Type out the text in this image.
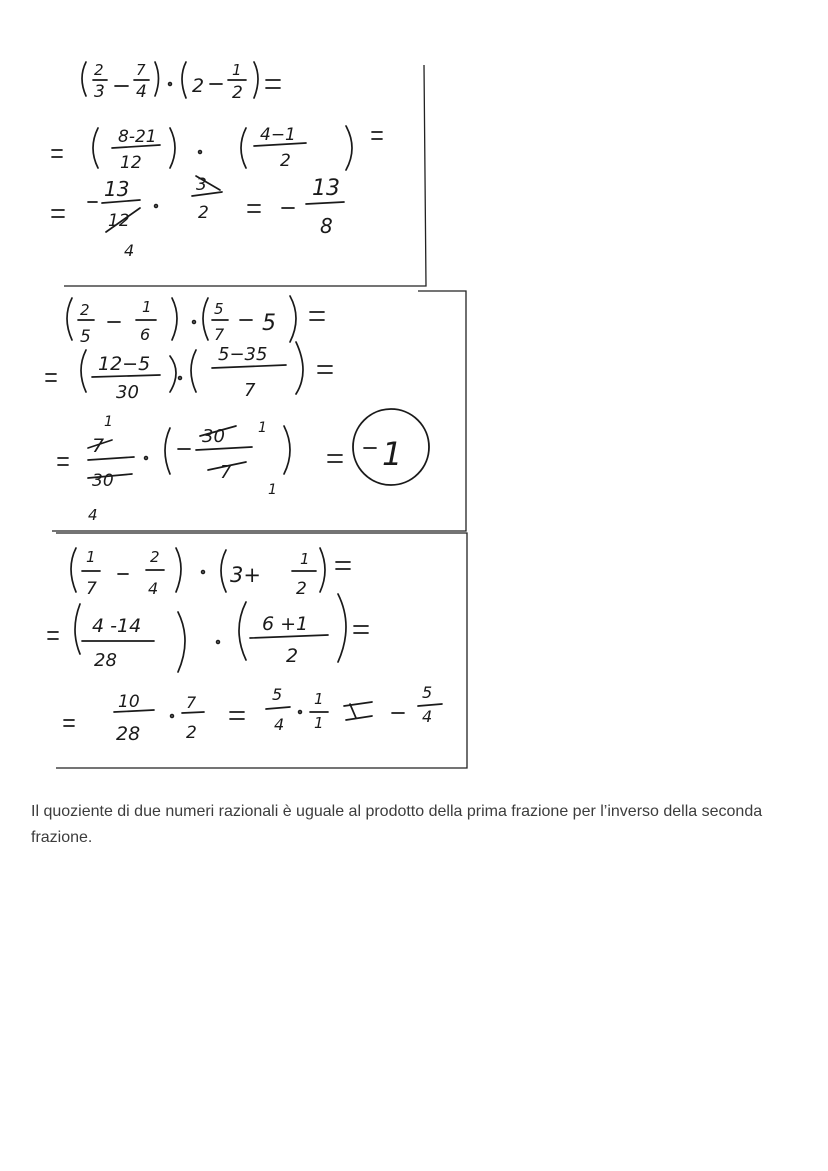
2
3
7
4 2
1
2
8-21
12
4−1
2
13
12
4
3
2
13
8
2
5
1
6
5
7 5
12−5
30
5−35
7
1
7
30
4
30
7
1
1
1
1
7
2
4
3+
1
2
4 -14
28
6 +1
2
10
28
7
2
5
4
1
1
5
4

Il quoziente di due numeri razionali è uguale al prodotto della prima frazione per l’inverso della seconda frazione.
